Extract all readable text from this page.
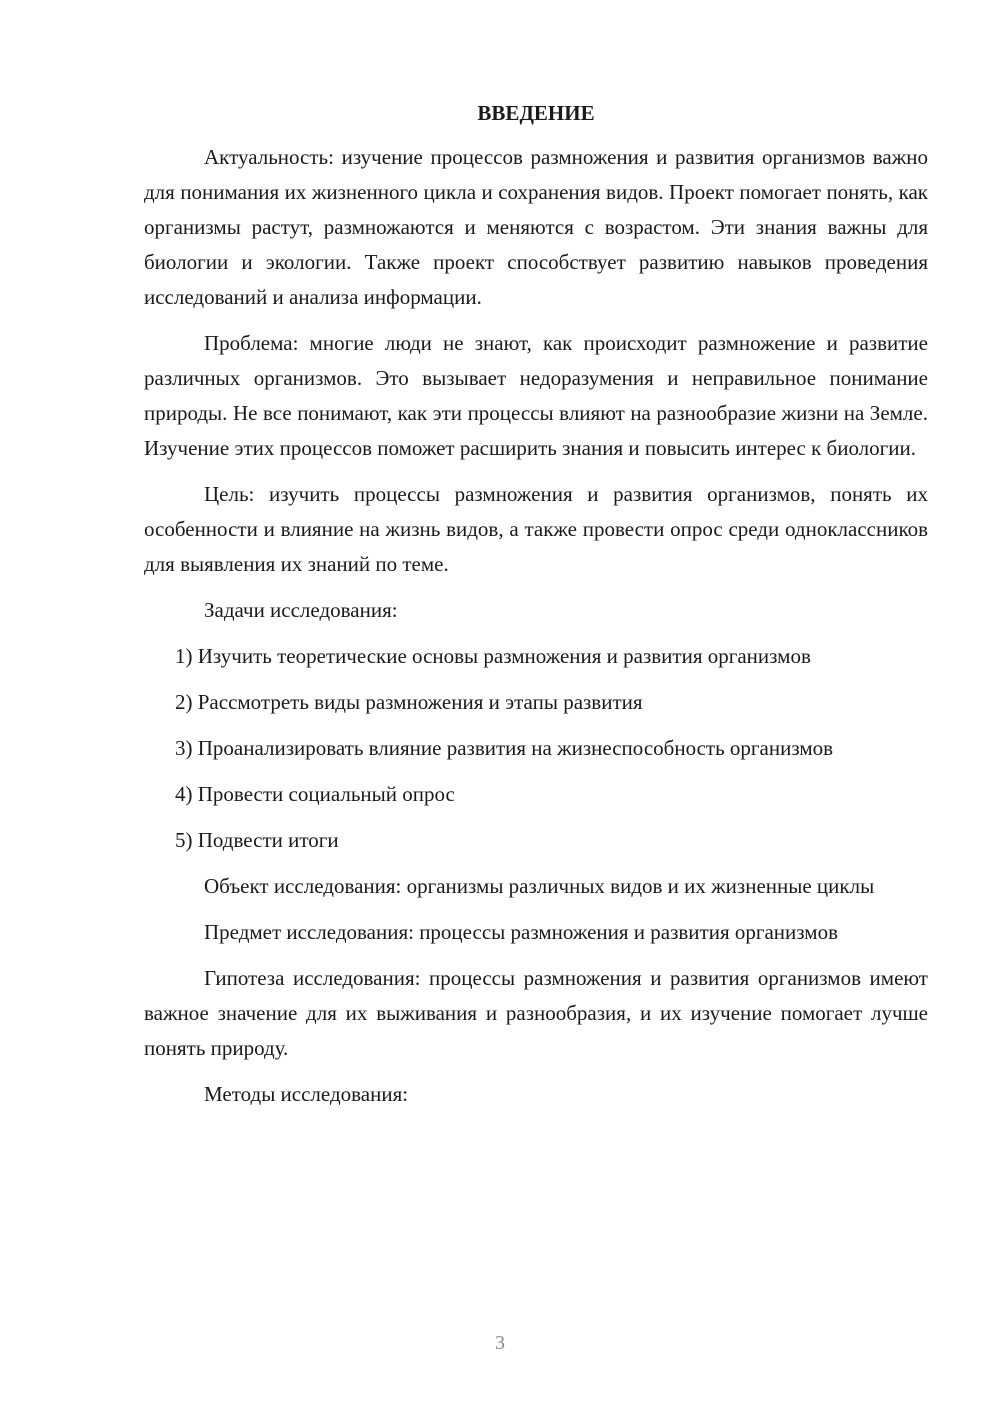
ВВЕДЕНИЕ

Актуальность: изучение процессов размножения и развития организмов важно для понимания их жизненного цикла и сохранения видов. Проект помогает понять, как организмы растут, размножаются и меняются с возрастом. Эти знания важны для биологии и экологии. Также проект способствует развитию навыков проведения исследований и анализа информации.

Проблема: многие люди не знают, как происходит размножение и развитие различных организмов. Это вызывает недоразумения и неправильное понимание природы. Не все понимают, как эти процессы влияют на разнообразие жизни на Земле. Изучение этих процессов поможет расширить знания и повысить интерес к биологии.

Цель: изучить процессы размножения и развития организмов, понять их особенности и влияние на жизнь видов, а также провести опрос среди одноклассников для выявления их знаний по теме.

Задачи исследования:

1) Изучить теоретические основы размножения и развития организмов

2) Рассмотреть виды размножения и этапы развития

3) Проанализировать влияние развития на жизнеспособность организмов

4) Провести социальный опрос

5) Подвести итоги

Объект исследования: организмы различных видов и их жизненные циклы

Предмет исследования: процессы размножения и развития организмов

Гипотеза исследования: процессы размножения и развития организмов имеют важное значение для их выживания и разнообразия, и их изучение помогает лучше понять природу.

Методы исследования:

3
